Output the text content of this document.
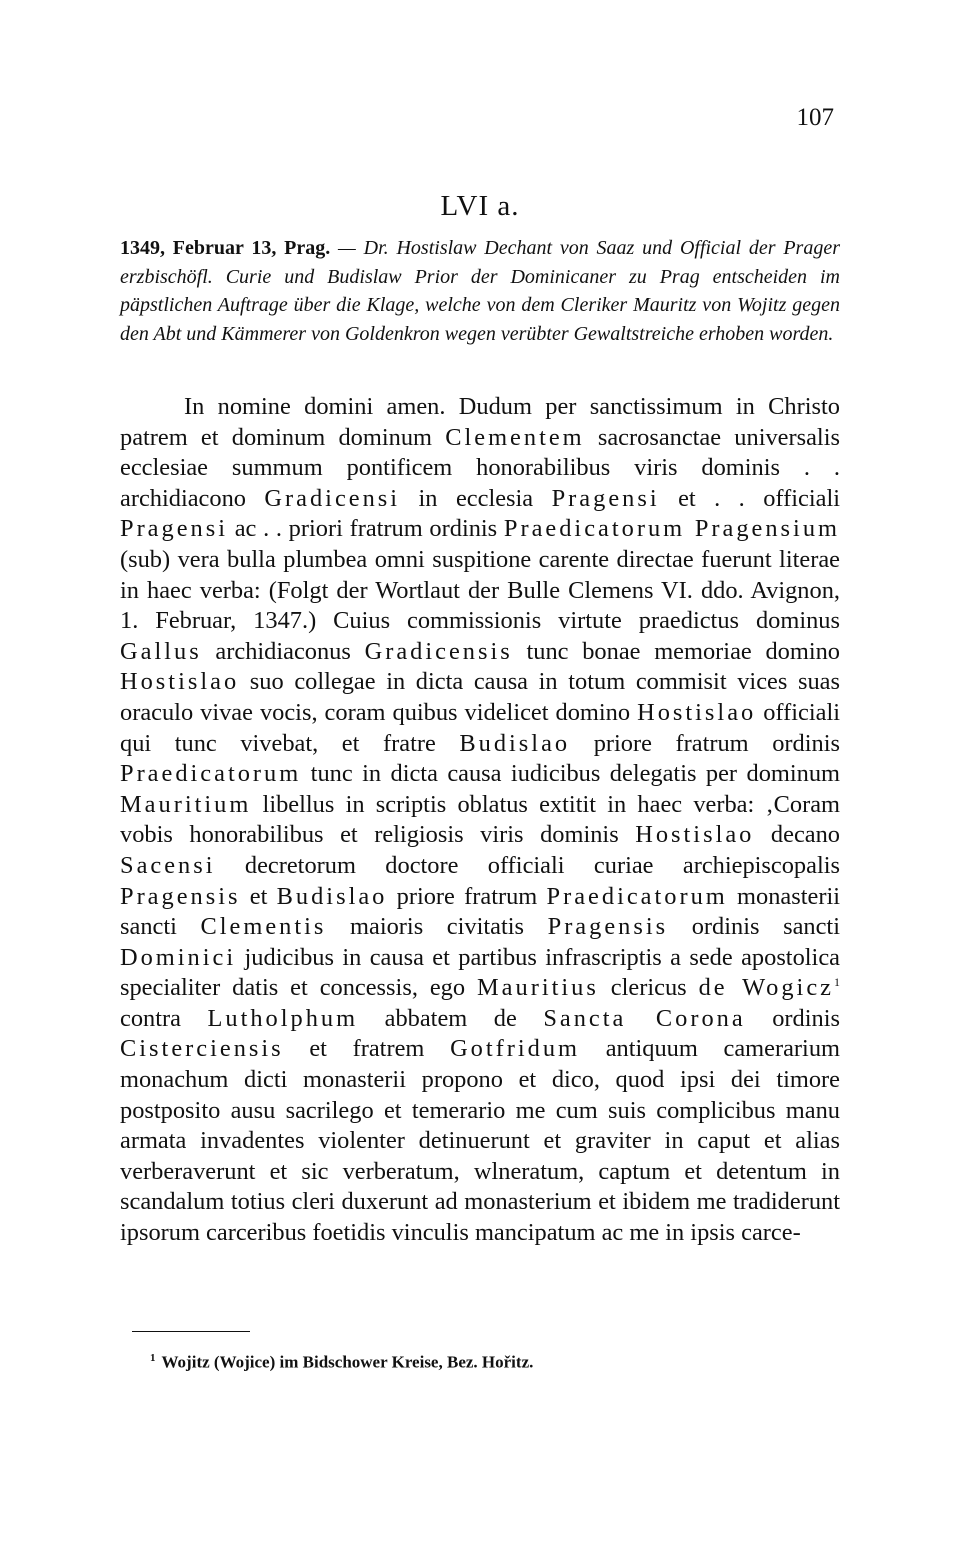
107
LVI a.
1349, Februar 13, Prag. — Dr. Hostislaw Dechant von Saaz und Official der Prager erzbischöfl. Curie und Budislaw Prior der Dominicaner zu Prag entscheiden im päpstlichen Auftrage über die Klage, welche von dem Cleriker Mauritz von Wojitz gegen den Abt und Kämmerer von Goldenkron wegen verübter Gewaltstreiche erhoben worden.

In nomine domini amen. Dudum per sanctissimum in Christo patrem et dominum dominum Clementem sacrosanctae universalis ecclesiae summum pontificem honorabilibus viris dominis . . archidiacono Gradicensi in ecclesia Pragensi et . . officiali Pragensi ac . . priori fratrum ordinis Praedicatorum Pragensium (sub) vera bulla plumbea omni suspitione carente directae fuerunt literae in haec verba: (Folgt der Wortlaut der Bulle Clemens VI. ddo. Avignon, 1. Februar, 1347.) Cuius commissionis virtute praedictus dominus Gallus archidiaconus Gradicensis tunc bonae memoriae domino Hostislao suo collegae in dicta causa in totum commisit vices suas oraculo vivae vocis, coram quibus videlicet domino Hostislao officiali qui tunc vivebat, et fratre Budislao priore fratrum ordinis Praedicatorum tunc in dicta causa iudicibus delegatis per dominum Mauritium libellus in scriptis oblatus extitit in haec verba: ‚Coram vobis honorabilibus et religiosis viris dominis Hostislao decano Sacensi decretorum doctore officiali curiae archiepiscopalis Pragensis et Budislao priore fratrum Praedicatorum monasterii sancti Clementis maioris civitatis Pragensis ordinis sancti Dominici judicibus in causa et partibus infrascriptis a sede apostolica specialiter datis et concessis, ego Mauritius clericus de Wogicz$^1$ contra Lutholphum abbatem de Sancta Corona ordinis Cisterciensis et fratrem Gotfridum antiquum camerarium monachum dicti monasterii propono et dico, quod ipsi dei timore postposito ausu sacrilego et temerario me cum suis complicibus manu armata invadentes violenter detinuerunt et graviter in caput et alias verberaverunt et sic verberatum, wlneratum, captum et detentum in scandalum totius cleri duxerunt ad monasterium et ibidem me tradiderunt ipsorum carceribus foetidis vinculis mancipatum ac me in ipsis carce-

$^1$ Wojitz (Wojice) im Bidschower Kreise, Bez. Hořitz.
